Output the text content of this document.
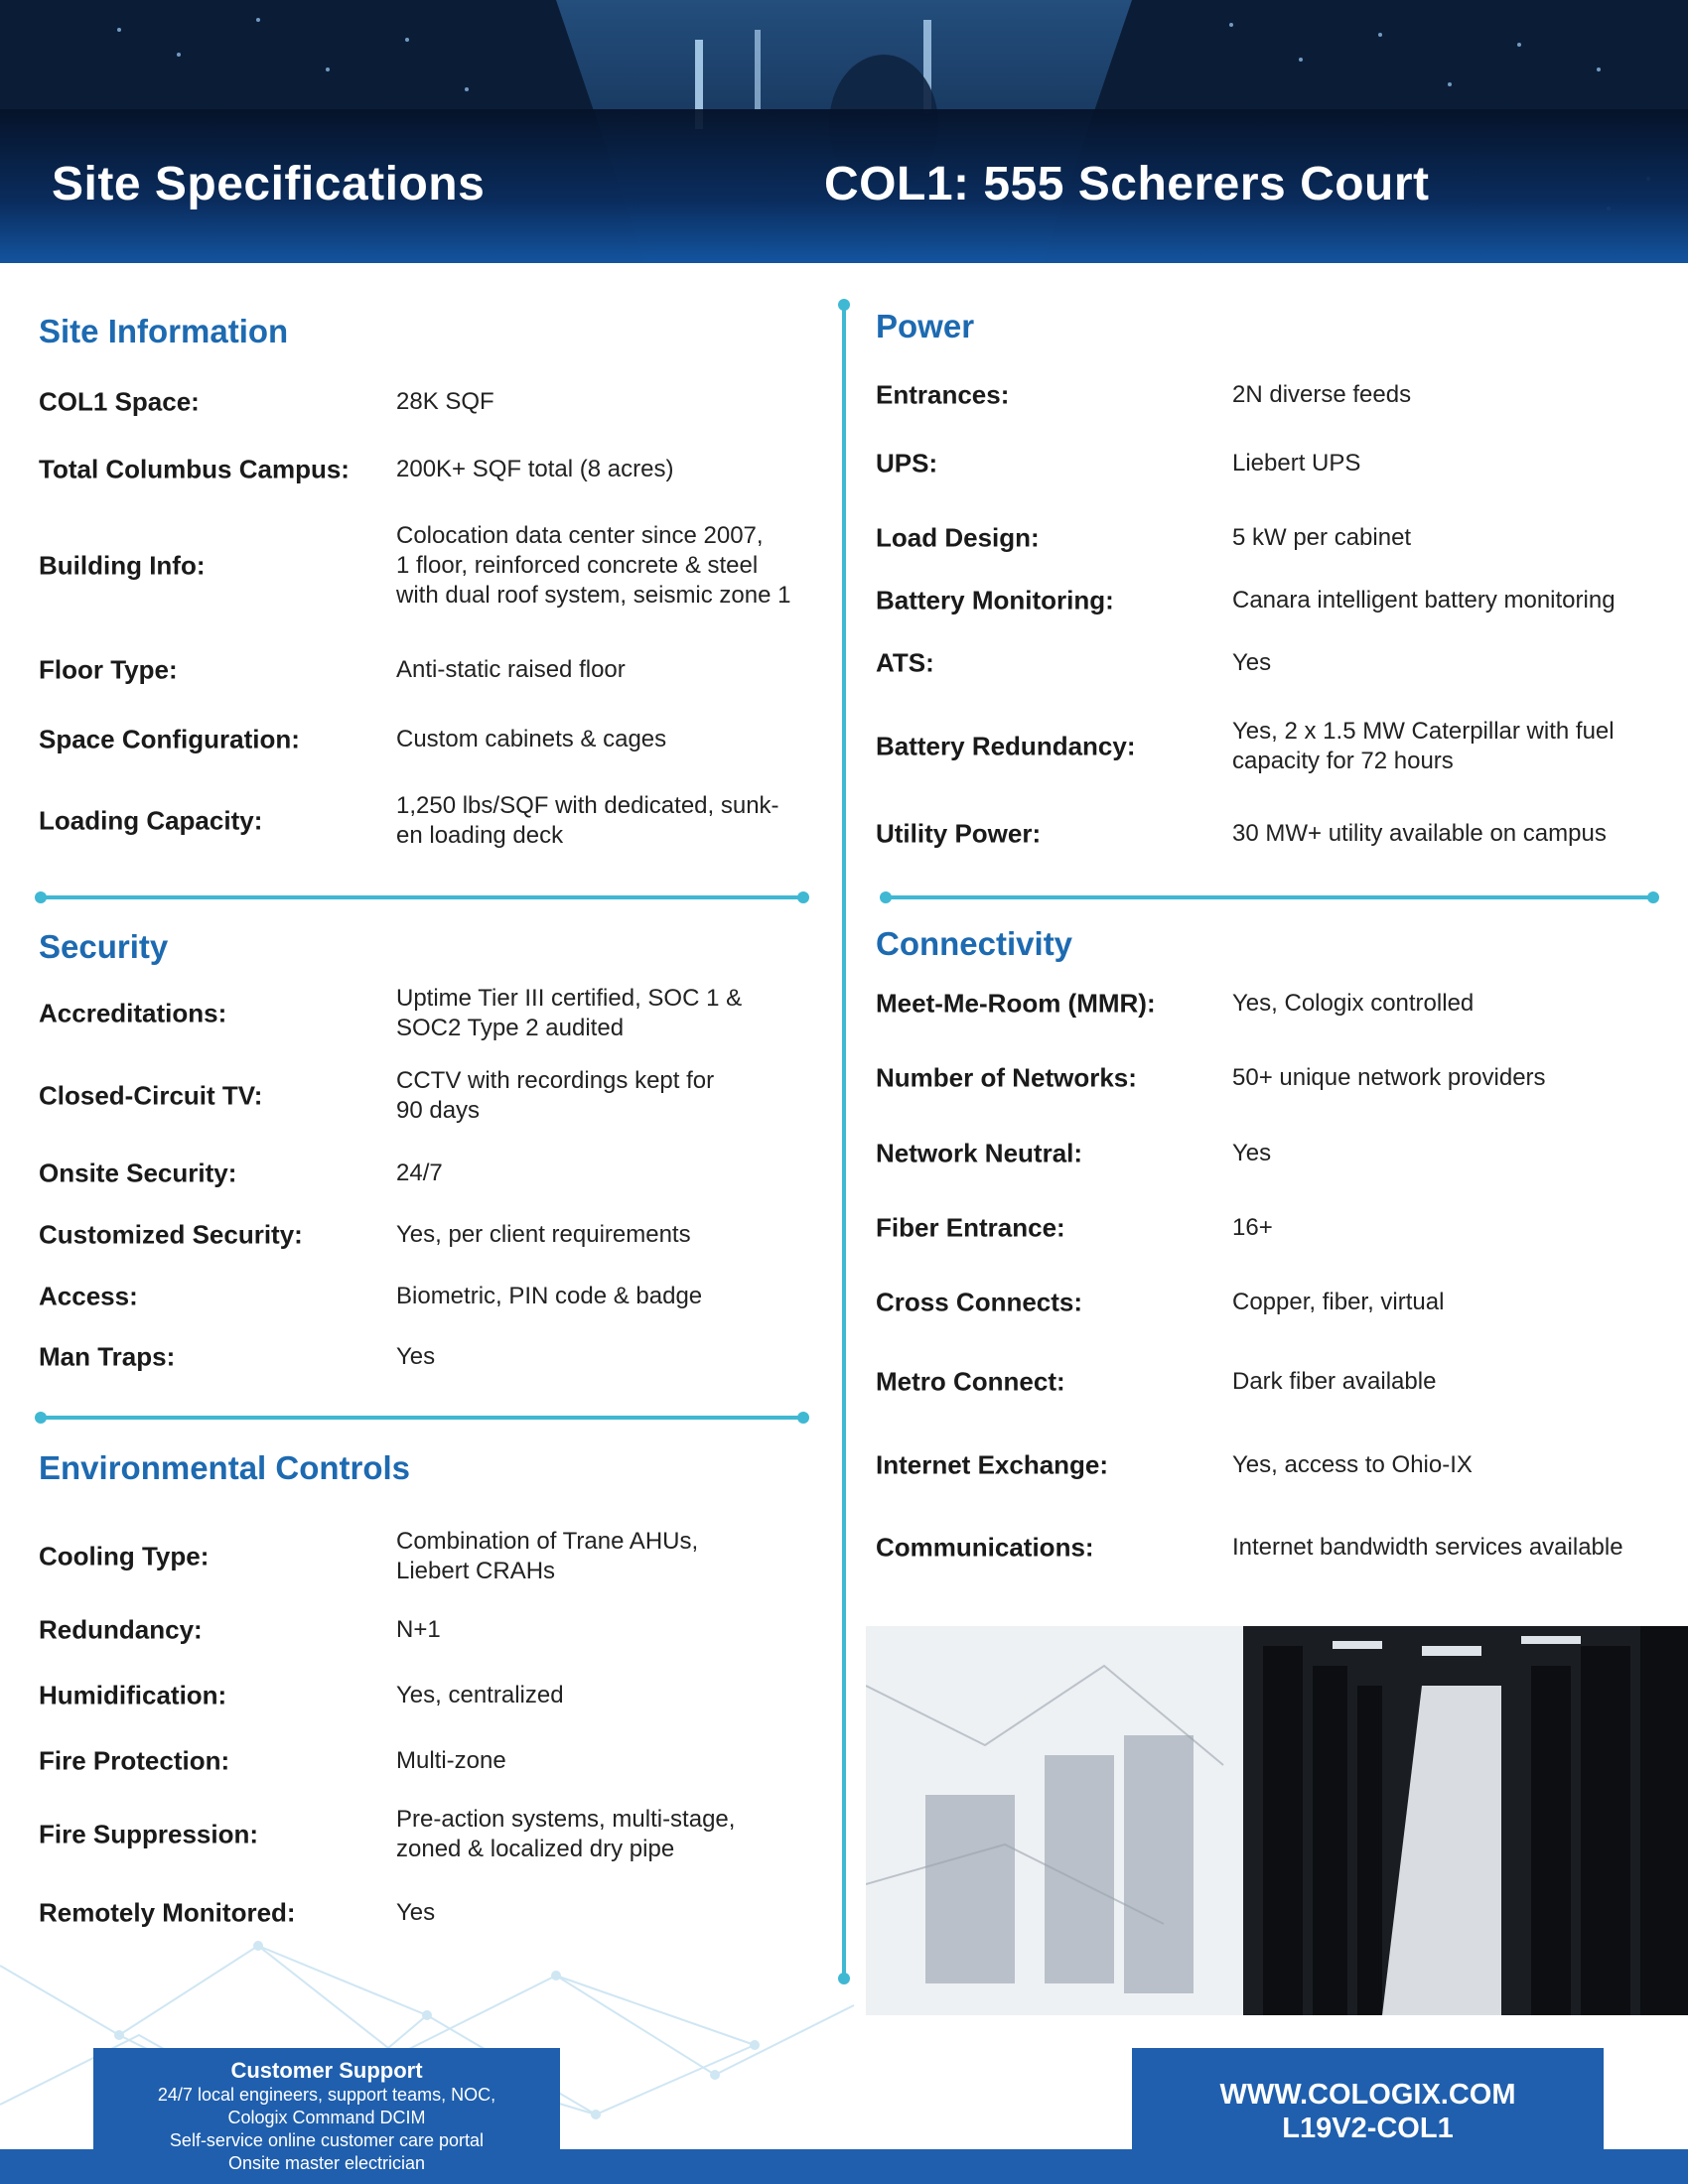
Site Specifications	COL1: 555 Scherers Court
Site Information
COL1 Space:	28K SQF
Total Columbus Campus: 200K+ SQF total (8 acres)
Building Info:
Colocation data center since 2007,
1 floor, reinforced concrete & steel
with dual roof system, seismic zone 1
Floor Type:	Anti-static raised floor
Space Configuration:	Custom cabinets & cages
Loading Capacity:	1,250 lbs/SQF with dedicated, sunk-
en loading deck
Security
Accreditations:	Uptime Tier III certified, SOC 1 &
SOC2 Type 2 audited
Closed-Circuit TV:	CCTV with recordings kept for
90 days
Onsite Security:	24/7
Customized Security:	Yes, per client requirements
Access:	Biometric, PIN code & badge
Man Traps:	Yes
Environmental Controls
Cooling Type:	Combination of Trane AHUs,
Liebert CRAHs
Redundancy:	N+1
Humidification:	Yes, centralized
Fire Protection:	Multi-zone
Fire Suppression:	Pre-action systems, multi-stage,
zoned & localized dry pipe
Remotely Monitored:	Yes
Power
Entrances:	2N diverse feeds
UPS:	Liebert UPS
Load Design:	5 kW per cabinet
Battery Monitoring:	Canara intelligent battery monitoring
ATS:	Yes
Battery Redundancy:	Yes, 2 x 1.5 MW Caterpillar with fuel
capacity for 72 hours
Utility Power:	30 MW+ utility available on campus
Connectivity
Meet-Me-Room (MMR):	Yes, Cologix controlled
Number of Networks:	50+ unique network providers
Network Neutral:	Yes
Fiber Entrance:	16+
Cross Connects:	Copper, fiber, virtual
Metro Connect:	Dark fiber available
Internet Exchange:	Yes, access to Ohio-IX
Communications:	Internet bandwidth services available
Customer Support
24/7 local engineers, support teams, NOC,
Cologix Command DCIM
Self-service online customer care portal
Onsite master electrician
WWW.COLOGIX.COM
L19V2-COL1
